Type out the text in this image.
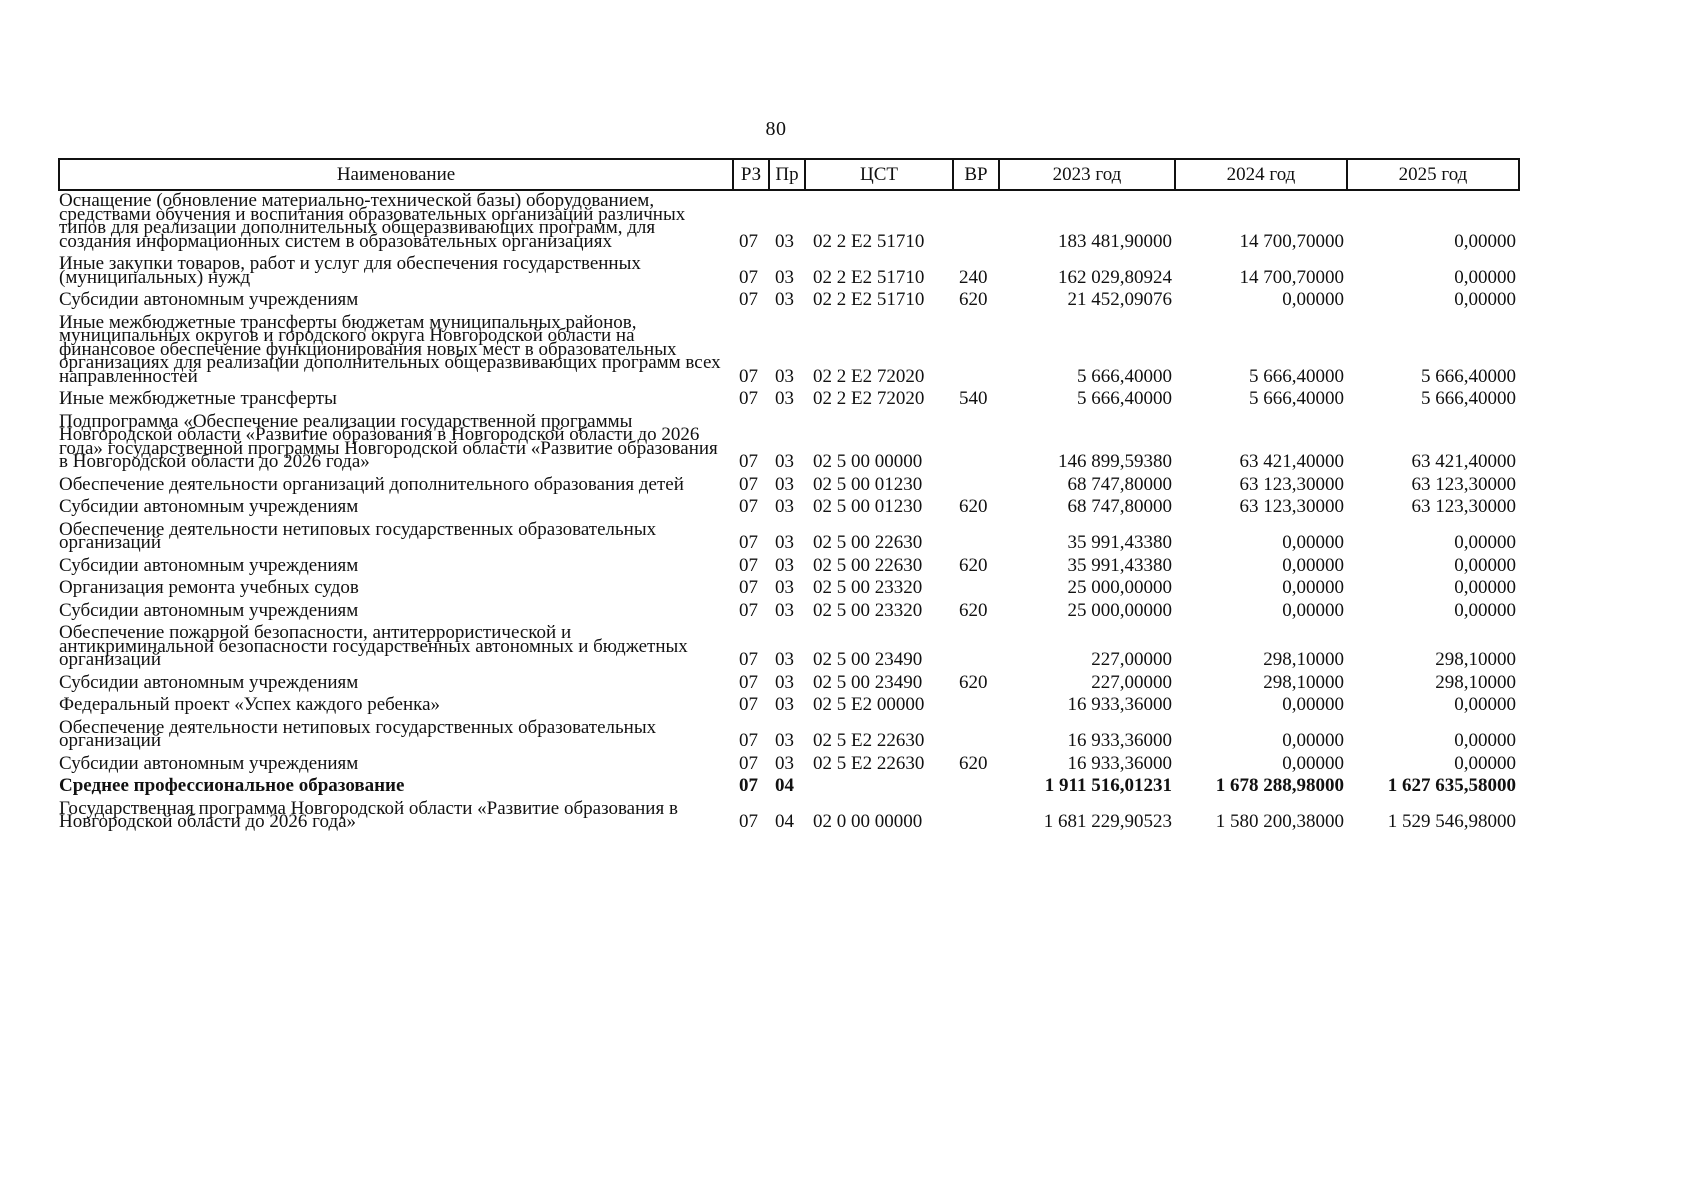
80
Наименование	РЗ	Пр	ЦСТ	ВР	2023 год	2024 год	2025 год
Оснащение (обновление материально-технической базы) оборудованием, средствами обучения и воспитания образовательных организаций различных типов для реализации дополнительных общеразвивающих программ, для создания информационных систем в образовательных организациях	07	03	02 2 Е2 51710		183 481,90000	14 700,70000	0,00000
Иные закупки товаров, работ и услуг для обеспечения государственных (муниципальных) нужд	07	03	02 2 Е2 51710	240	162 029,80924	14 700,70000	0,00000
Субсидии автономным учреждениям	07	03	02 2 Е2 51710	620	21 452,09076	0,00000	0,00000
Иные межбюджетные трансферты бюджетам муниципальных районов, муниципальных округов и городского округа Новгородской области на финансовое обеспечение функционирования новых мест в образовательных организациях для реализации дополнительных общеразвивающих программ всех направленностей	07	03	02 2 Е2 72020		5 666,40000	5 666,40000	5 666,40000
Иные межбюджетные трансферты	07	03	02 2 Е2 72020	540	5 666,40000	5 666,40000	5 666,40000
Подпрограмма «Обеспечение реализации государственной программы Новгородской области «Развитие образования в Новгородской области до 2026 года» государственной программы Новгородской области «Развитие образования в Новгородской области до 2026 года»	07	03	02 5 00 00000		146 899,59380	63 421,40000	63 421,40000
Обеспечение деятельности организаций дополнительного образования детей	07	03	02 5 00 01230		68 747,80000	63 123,30000	63 123,30000
Субсидии автономным учреждениям	07	03	02 5 00 01230	620	68 747,80000	63 123,30000	63 123,30000
Обеспечение деятельности нетиповых государственных образовательных организаций	07	03	02 5 00 22630		35 991,43380	0,00000	0,00000
Субсидии автономным учреждениям	07	03	02 5 00 22630	620	35 991,43380	0,00000	0,00000
Организация ремонта учебных судов	07	03	02 5 00 23320		25 000,00000	0,00000	0,00000
Субсидии автономным учреждениям	07	03	02 5 00 23320	620	25 000,00000	0,00000	0,00000
Обеспечение пожарной безопасности, антитеррористической и антикриминальной безопасности государственных автономных и бюджетных организаций	07	03	02 5 00 23490		227,00000	298,10000	298,10000
Субсидии автономным учреждениям	07	03	02 5 00 23490	620	227,00000	298,10000	298,10000
Федеральный проект «Успех каждого ребенка»	07	03	02 5 Е2 00000		16 933,36000	0,00000	0,00000
Обеспечение деятельности нетиповых государственных образовательных организаций	07	03	02 5 Е2 22630		16 933,36000	0,00000	0,00000
Субсидии автономным учреждениям	07	03	02 5 Е2 22630	620	16 933,36000	0,00000	0,00000
Среднее профессиональное образование	07	04			1 911 516,01231	1 678 288,98000	1 627 635,58000
Государственная программа Новгородской области «Развитие образования в Новгородской области до 2026 года»	07	04	02 0 00 00000		1 681 229,90523	1 580 200,38000	1 529 546,98000
